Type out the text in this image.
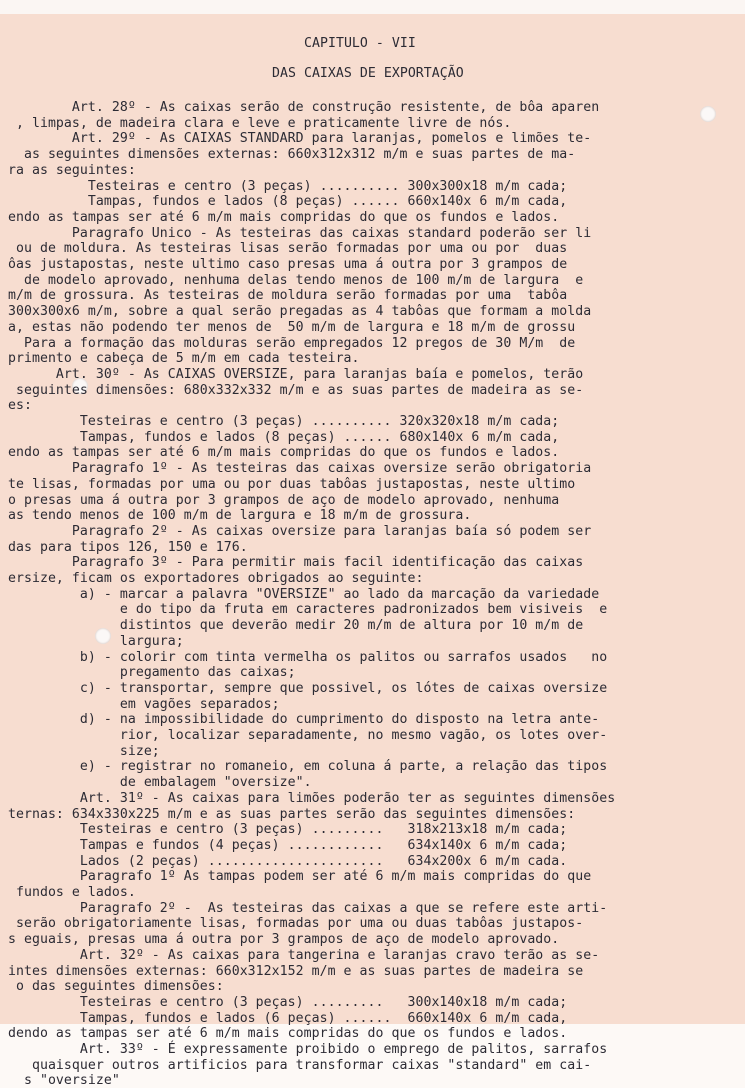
CAPITULO - VII

DAS CAIXAS DE EXPORTAÇÃO

Art. 28º - As caixas serão de construção resistente, de bôa aparen
, limpas, de madeira clara e leve e praticamente livre de nós.
Art. 29º - As CAIXAS STANDARD para laranjas, pomelos e limões te-
as seguintes dimensões externas: 660x312x312 m/m e suas partes de ma-
ra as seguintes:
Testeiras e centro (3 peças) .......... 300x300x18 m/m cada;
Tampas, fundos e lados (8 peças) ...... 660x140x 6 m/m cada,
endo as tampas ser até 6 m/m mais compridas do que os fundos e lados.
Paragrafo Unico - As testeiras das caixas standard poderão ser li
ou de moldura. As testeiras lisas serão formadas por uma ou por  duas
ôas justapostas, neste ultimo caso presas uma á outra por 3 grampos de
de modelo aprovado, nenhuma delas tendo menos de 100 m/m de largura  e
m/m de grossura. As testeiras de moldura serão formadas por uma  tabôa
300x300x6 m/m, sobre a qual serão pregadas as 4 tabôas que formam a molda
a, estas não podendo ter menos de  50 m/m de largura e 18 m/m de grossu
Para a formação das molduras serão empregados 12 pregos de 30 M/m  de
primento e cabeça de 5 m/m em cada testeira.
Art. 30º - As CAIXAS OVERSIZE, para laranjas baía e pomelos, terão
seguintes dimensões: 680x332x332 m/m e as suas partes de madeira as se-
es:
Testeiras e centro (3 peças) .......... 320x320x18 m/m cada;
Tampas, fundos e lados (8 peças) ...... 680x140x 6 m/m cada,
endo as tampas ser até 6 m/m mais compridas do que os fundos e lados.
Paragrafo 1º - As testeiras das caixas oversize serão obrigatoria
te lisas, formadas por uma ou por duas tabôas justapostas, neste ultimo
o presas uma á outra por 3 grampos de aço de modelo aprovado, nenhuma
as tendo menos de 100 m/m de largura e 18 m/m de grossura.
Paragrafo 2º - As caixas oversize para laranjas baía só podem ser
das para tipos 126, 150 e 176.
Paragrafo 3º - Para permitir mais facil identificação das caixas
ersize, ficam os exportadores obrigados ao seguinte:
a) - marcar a palavra "OVERSIZE" ao lado da marcação da variedade
e do tipo da fruta em caracteres padronizados bem visiveis  e
distintos que deverão medir 20 m/m de altura por 10 m/m de
largura;
b) - colorir com tinta vermelha os palitos ou sarrafos usados   no
pregamento das caixas;
c) - transportar, sempre que possivel, os lótes de caixas oversize
em vagões separados;
d) - na impossibilidade do cumprimento do disposto na letra ante-
rior, localizar separadamente, no mesmo vagão, os lotes over-
size;
e) - registrar no romaneio, em coluna á parte, a relação das tipos
de embalagem "oversize".
Art. 31º - As caixas para limões poderão ter as seguintes dimensões
ternas: 634x330x225 m/m e as suas partes serão das seguintes dimensões:
Testeiras e centro (3 peças) .........   318x213x18 m/m cada;
Tampas e fundos (4 peças) ............   634x140x 6 m/m cada;
Lados (2 peças) ......................   634x200x 6 m/m cada.
Paragrafo 1º As tampas podem ser até 6 m/m mais compridas do que
fundos e lados.
Paragrafo 2º -  As testeiras das caixas a que se refere este arti-
serão obrigatoriamente lisas, formadas por uma ou duas tabôas justapos-
s eguais, presas uma á outra por 3 grampos de aço de modelo aprovado.
Art. 32º - As caixas para tangerina e laranjas cravo terão as se-
intes dimensões externas: 660x312x152 m/m e as suas partes de madeira se
o das seguintes dimensões:
Testeiras e centro (3 peças) .........   300x140x18 m/m cada;
Tampas, fundos e lados (6 peças) ......  660x140x 6 m/m cada,
dendo as tampas ser até 6 m/m mais compridas do que os fundos e lados.
Art. 33º - É expressamente proibido o emprego de palitos, sarrafos
quaisquer outros artificios para transformar caixas "standard" em cai-
s "oversize"
